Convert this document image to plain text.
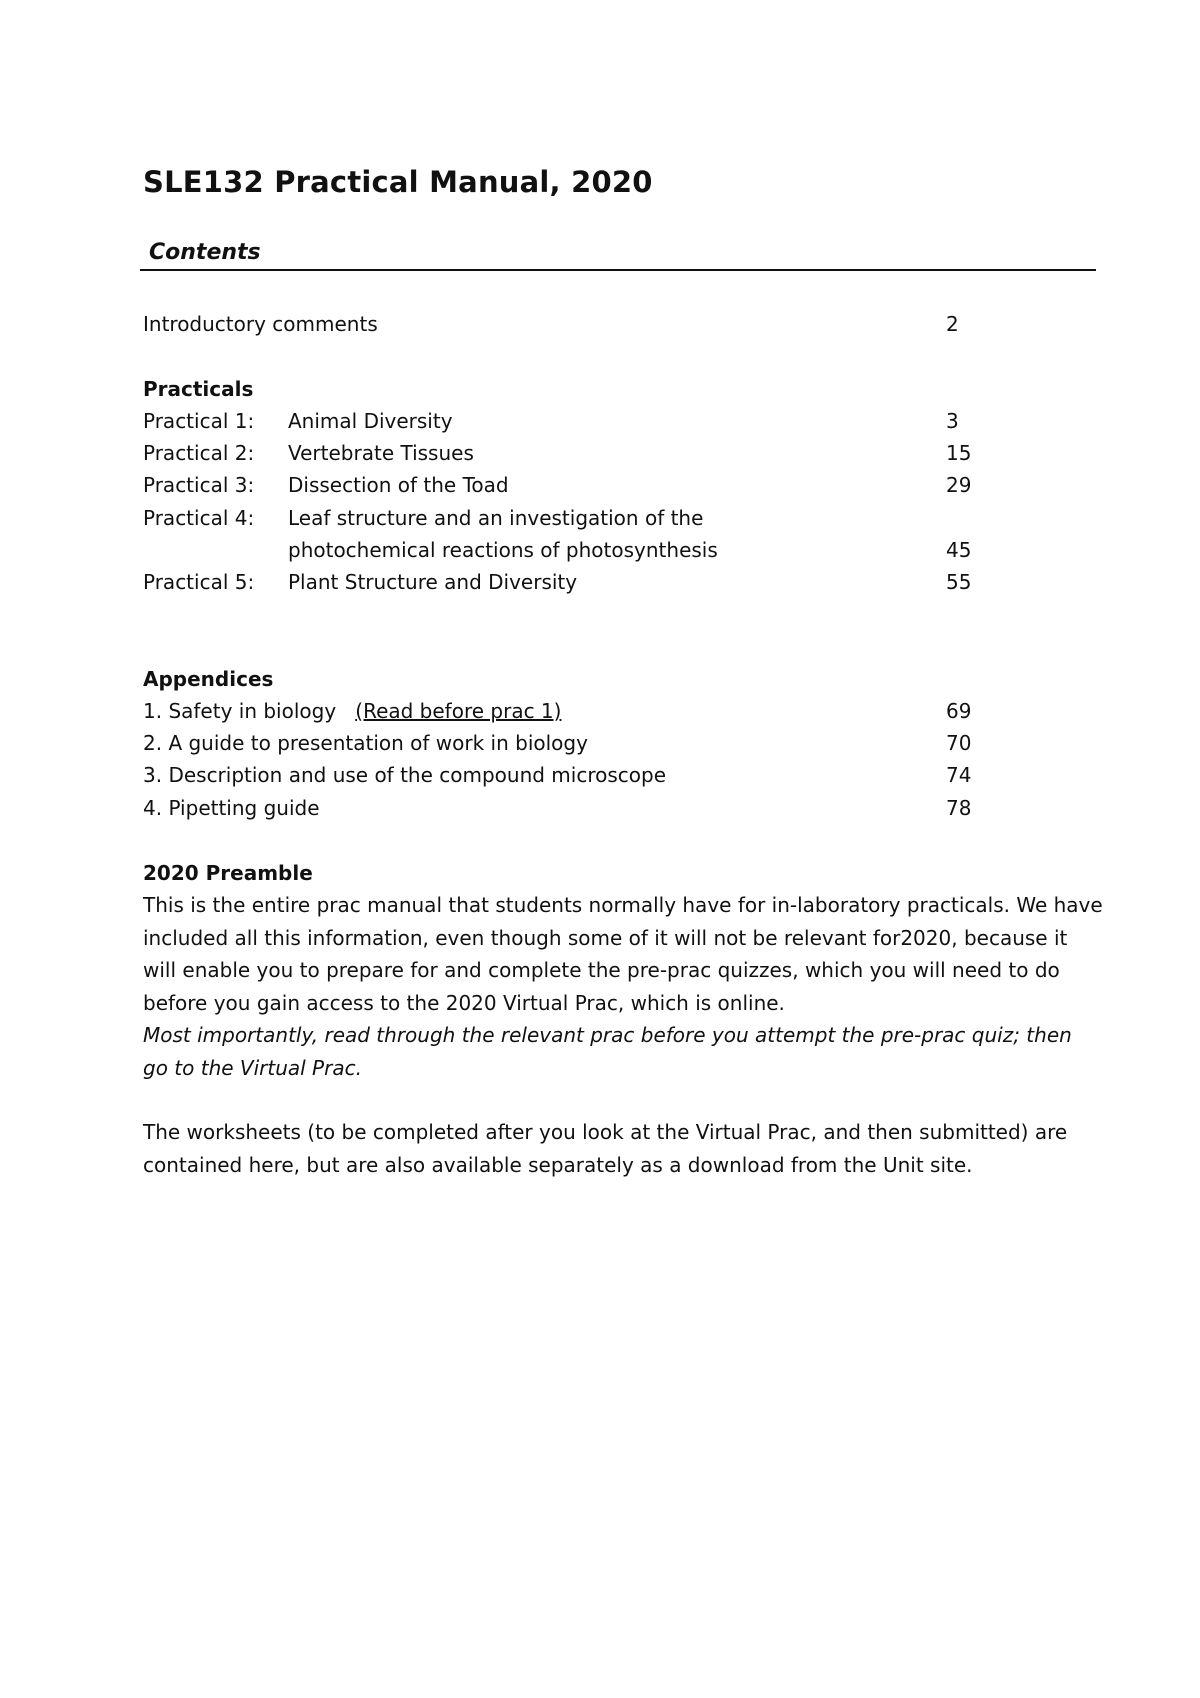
SLE132 Practical Manual, 2020
Contents
Introductory comments	2
Practicals
Practical 1: Animal Diversity	3
Practical 2: Vertebrate Tissues	15
Practical 3: Dissection of the Toad	29
Practical 4: Leaf structure and an investigation of the
photochemical reactions of photosynthesis	45
Practical 5: Plant Structure and Diversity	55
Appendices
1. Safety in biology (Read before prac 1)	69
2. A guide to presentation of work in biology	70
3. Description and use of the compound microscope	74
4. Pipetting guide	78
2020 Preamble
This is the entire prac manual that students normally have for in-laboratory practicals. We have included all this information, even though some of it will not be relevant for2020, because it will enable you to prepare for and complete the pre-prac quizzes, which you will need to do before you gain access to the 2020 Virtual Prac, which is online.
Most importantly, read through the relevant prac before you attempt the pre-prac quiz; then go to the Virtual Prac.
The worksheets (to be completed after you look at the Virtual Prac, and then submitted) are contained here, but are also available separately as a download from the Unit site.
